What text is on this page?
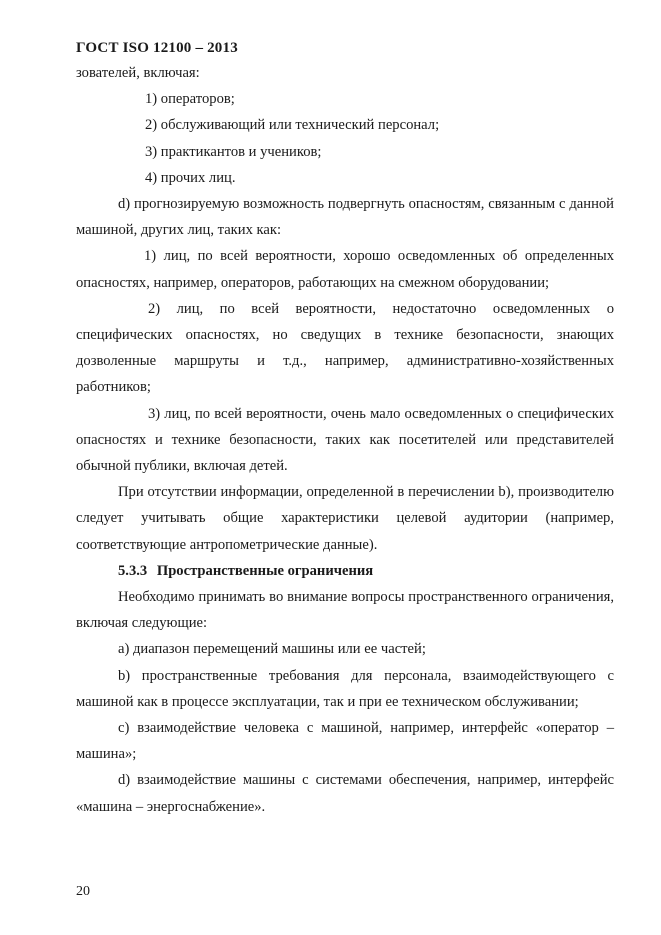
ГОСТ ISO 12100 – 2013

зователей, включая:

1) операторов;

2) обслуживающий или технический персонал;

3) практикантов и учеников;

4) прочих лиц.

d) прогнозируемую возможность подвергнуть опасностям, связанным с данной машиной, других лиц, таких как:

1) лиц, по всей вероятности, хорошо осведомленных об определенных опасностях, например, операторов, работающих на смежном оборудовании;

2) лиц, по всей вероятности, недостаточно осведомленных о специфических опасностях, но сведущих в технике безопасности, знающих дозволенные маршруты и т.д., например, административно-хозяйственных работников;

3) лиц, по всей вероятности, очень мало осведомленных о специфических опасностях и технике безопасности, таких как посетителей или представителей обычной публики, включая детей.

При отсутствии информации, определенной в перечислении b), производителю следует учитывать общие характеристики целевой аудитории (например, соответствующие антропометрические данные).

5.3.3 Пространственные ограничения

Необходимо принимать во внимание вопросы пространственного ограничения, включая следующие:

a) диапазон перемещений машины или ее частей;

b) пространственные требования для персонала, взаимодействующего с машиной как в процессе эксплуатации, так и при ее техническом обслуживании;

c) взаимодействие человека с машиной, например, интерфейс «оператор – машина»;

d) взаимодействие машины с системами обеспечения, например, интерфейс «машина – энергоснабжение».

20
